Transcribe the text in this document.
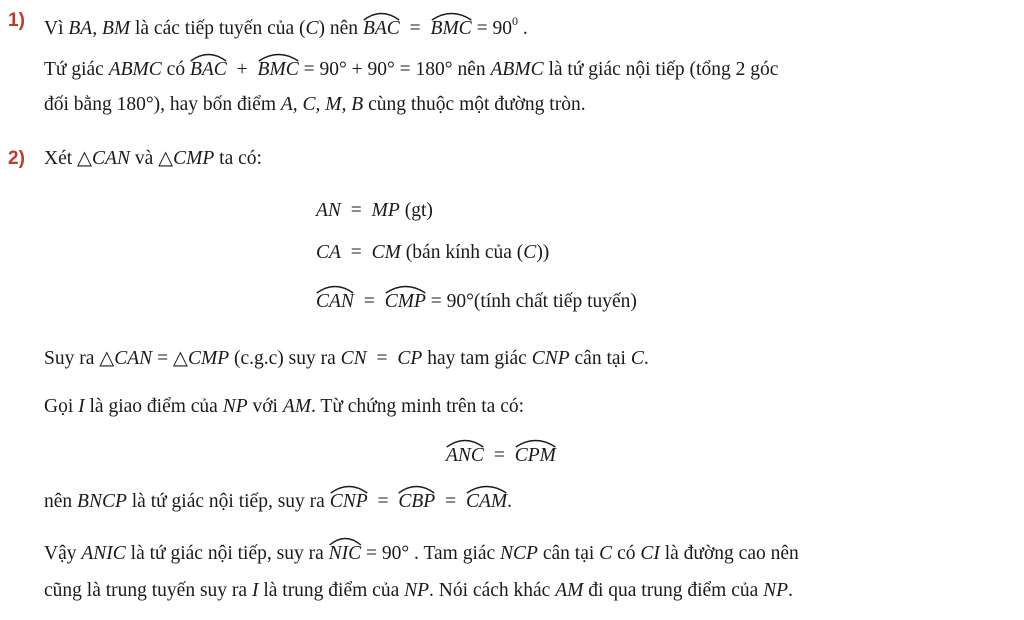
1) Vì BA, BM là các tiếp tuyến của (C) nên BAC = BMC = $90^0$ .
Tứ giác ABMC có BAC + BMC = 90° + 90° = 180° nên ABMC là tứ giác nội tiếp (tổng 2 góc
đối bằng 180°), hay bốn điểm A, C, M, B cùng thuộc một đường tròn.
2) Xét △CAN và △CMP ta có:
AN = MP (gt)
CA = CM (bán kính của (C))
CAN = CMP = 90°(tính chất tiếp tuyến)
Suy ra △CAN = △CMP (c.g.c) suy ra CN = CP hay tam giác CNP cân tại C.
Gọi I là giao điểm của NP với AM. Từ chứng minh trên ta có:
ANC = CPM
nên BNCP là tứ giác nội tiếp, suy ra CNP = CBP = CAM.
Vậy ANIC là tứ giác nội tiếp, suy ra NIC = 90° . Tam giác NCP cân tại C có CI là đường cao nên
cũng là trung tuyến suy ra I là trung điểm của NP. Nói cách khác AM đi qua trung điểm của NP.
